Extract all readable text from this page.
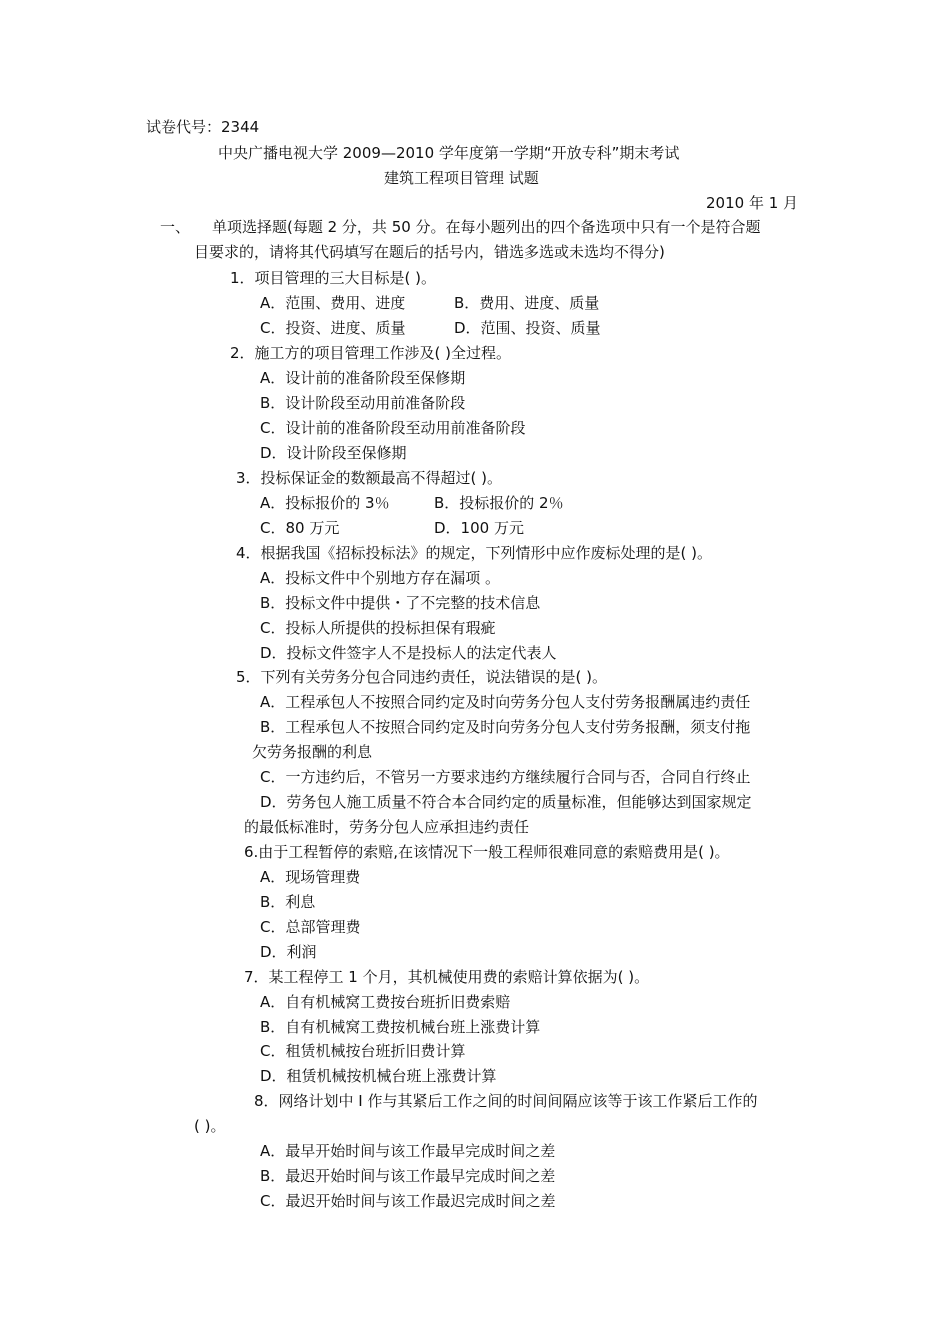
试卷代号：2344
中央广播电视大学 2009—2010 学年度第一学期“开放专科”期末考试
建筑工程项目管理 试题
2010 年 1 月
一、 单项选择题(每题 2 分，共 50 分。在每小题列出的四个备选项中只有一个是符合题
目要求的，请将其代码填写在题后的括号内，错选多选或未选均不得分)
1．项目管理的三大目标是( )。
A．范围、费用、进度	B．费用、进度、质量
C．投资、进度、质量	D．范围、投资、质量
2．施工方的项目管理工作涉及( )全过程。
A．设计前的准备阶段至保修期
B．设计阶段至动用前准备阶段
C．设计前的准备阶段至动用前准备阶段
D．设计阶段至保修期
3．投标保证金的数额最高不得超过( )。
A．投标报价的 3％	B．投标报价的 2％
C．80 万元	D．100 万元
4．根据我国《招标投标法》的规定，下列情形中应作废标处理的是( )。
A．投标文件中个别地方存在漏项 。
B．投标文件中提供・了不完整的技术信息
C．投标人所提供的投标担保有瑕疵
D．投标文件签字人不是投标人的法定代表人
5．下列有关劳务分包合同违约责任，说法错误的是( )。
A．工程承包人不按照合同约定及时向劳务分包人支付劳务报酬属违约责任
B．工程承包人不按照合同约定及时向劳务分包人支付劳务报酬，须支付拖
欠劳务报酬的利息
C．一方违约后，不管另一方要求违约方继续履行合同与否，合同自行终止
D．劳务包人施工质量不符合本合同约定的质量标准，但能够达到国家规定
的最低标准时，劳务分包人应承担违约责任
6.由于工程暂停的索赔,在该情况下一般工程师很难同意的索赔费用是( )。
A．现场管理费
B．利息
C．总部管理费
D．利润
7．某工程停工 1 个月，其机械使用费的索赔计算依据为( )。
A．自有机械窝工费按台班折旧费索赔
B．自有机械窝工费按机械台班上涨费计算
C．租赁机械按台班折旧费计算
D．租赁机械按机械台班上涨费计算
8．网络计划中 I 作与其紧后工作之间的时间间隔应该等于该工作紧后工作的
( )。
A．最早开始时间与该工作最早完成时间之差
B．最迟开始时间与该工作最早完成时间之差
C．最迟开始时间与该工作最迟完成时间之差
